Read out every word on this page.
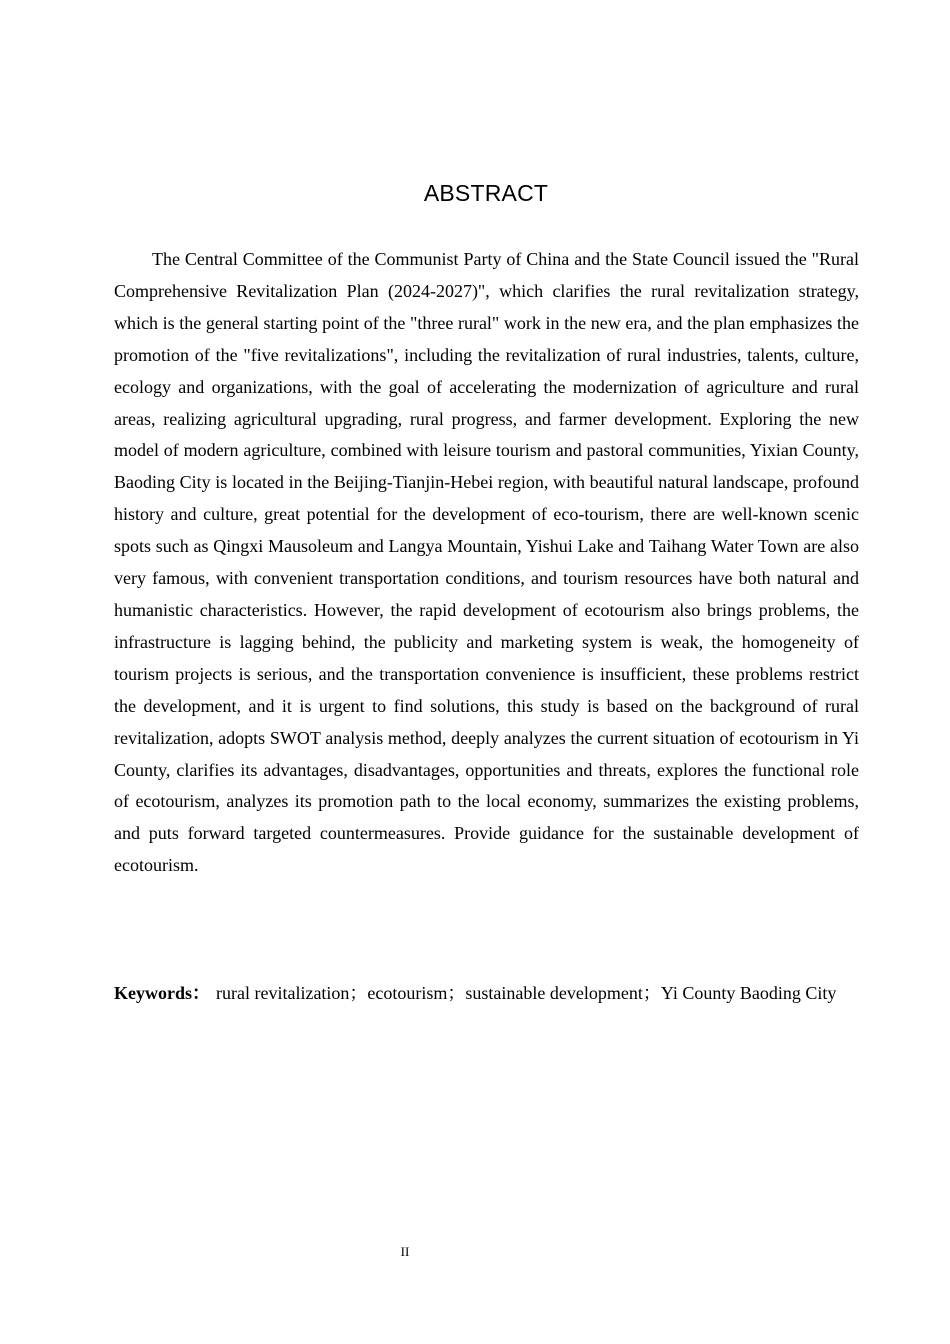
ABSTRACT

The Central Committee of the Communist Party of China and the State Council issued the "Rural Comprehensive Revitalization Plan (2024-2027)", which clarifies the rural revitalization strategy, which is the general starting point of the "three rural" work in the new era, and the plan emphasizes the promotion of the "five revitalizations", including the revitalization of rural industries, talents, culture, ecology and organizations, with the goal of accelerating the modernization of agriculture and rural areas, realizing agricultural upgrading, rural progress, and farmer development. Exploring the new model of modern agriculture, combined with leisure tourism and pastoral communities, Yixian County, Baoding City is located in the Beijing-Tianjin-Hebei region, with beautiful natural landscape, profound history and culture, great potential for the development of eco-tourism, there are well-known scenic spots such as Qingxi Mausoleum and Langya Mountain, Yishui Lake and Taihang Water Town are also very famous, with convenient transportation conditions, and tourism resources have both natural and humanistic characteristics. However, the rapid development of ecotourism also brings problems, the infrastructure is lagging behind, the publicity and marketing system is weak, the homogeneity of tourism projects is serious, and the transportation convenience is insufficient, these problems restrict the development, and it is urgent to find solutions, this study is based on the background of rural revitalization, adopts SWOT analysis method, deeply analyzes the current situation of ecotourism in Yi County, clarifies its advantages, disadvantages, opportunities and threats, explores the functional role of ecotourism, analyzes its promotion path to the local economy, summarizes the existing problems, and puts forward targeted countermeasures. Provide guidance for the sustainable development of ecotourism.

Keywords： rural revitalization；ecotourism；sustainable development；Yi County Baoding City

II
